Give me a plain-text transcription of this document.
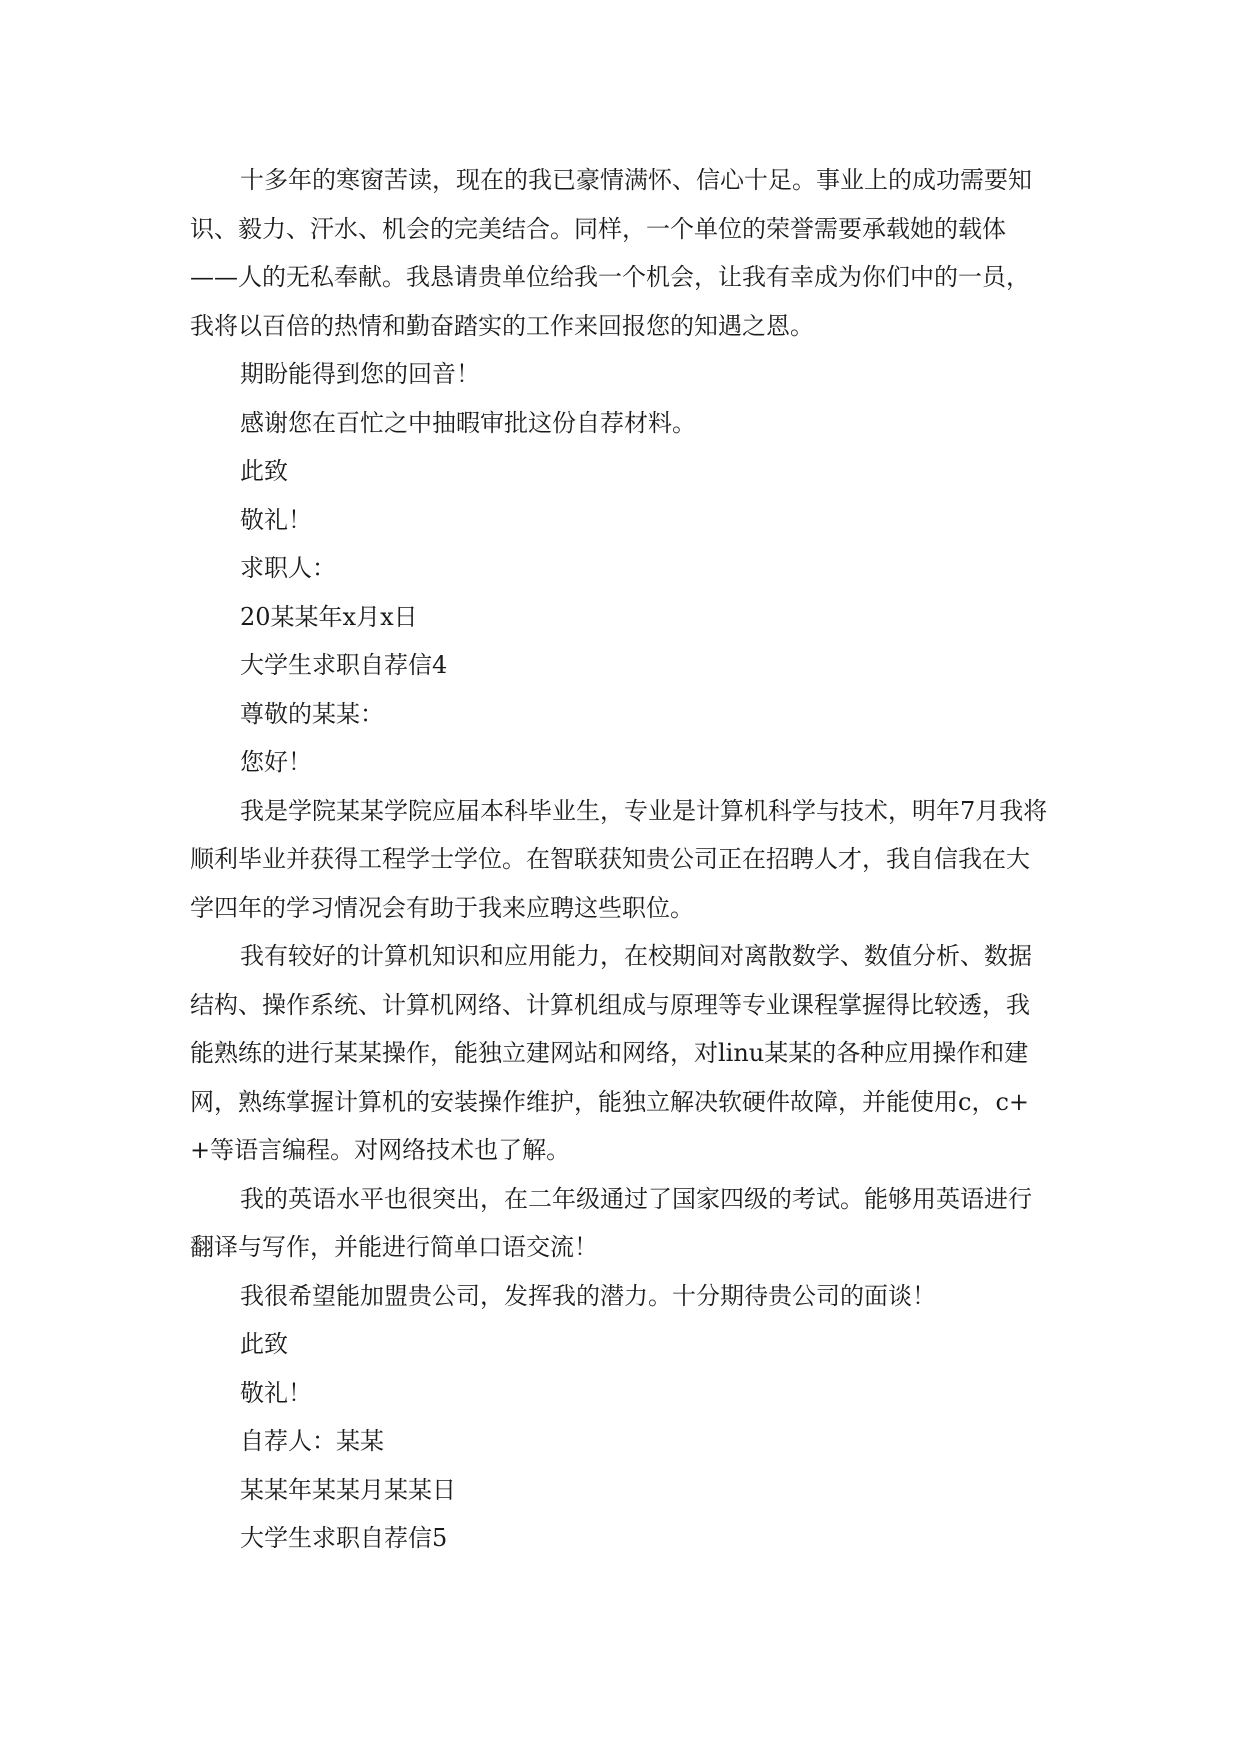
十多年的寒窗苦读，现在的我已豪情满怀、信心十足。事业上的成功需要知识、毅力、汗水、机会的完美结合。同样，一个单位的荣誉需要承载她的载体——人的无私奉献。我恳请贵单位给我一个机会，让我有幸成为你们中的一员，我将以百倍的热情和勤奋踏实的工作来回报您的知遇之恩。

期盼能得到您的回音！

感谢您在百忙之中抽暇审批这份自荐材料。

此致

敬礼！

求职人：

20某某年x月x日

大学生求职自荐信4

尊敬的某某：

您好！

我是学院某某学院应届本科毕业生，专业是计算机科学与技术，明年7月我将顺利毕业并获得工程学士学位。在智联获知贵公司正在招聘人才，我自信我在大学四年的学习情况会有助于我来应聘这些职位。

我有较好的计算机知识和应用能力，在校期间对离散数学、数值分析、数据结构、操作系统、计算机网络、计算机组成与原理等专业课程掌握得比较透，我能熟练的进行某某操作，能独立建网站和网络，对linu某某的各种应用操作和建网，熟练掌握计算机的安装操作维护，能独立解决软硬件故障，并能使用c，c++等语言编程。对网络技术也了解。

我的英语水平也很突出，在二年级通过了国家四级的考试。能够用英语进行翻译与写作，并能进行简单口语交流！

我很希望能加盟贵公司，发挥我的潜力。十分期待贵公司的面谈！

此致

敬礼！

自荐人：某某

某某年某某月某某日

大学生求职自荐信5
